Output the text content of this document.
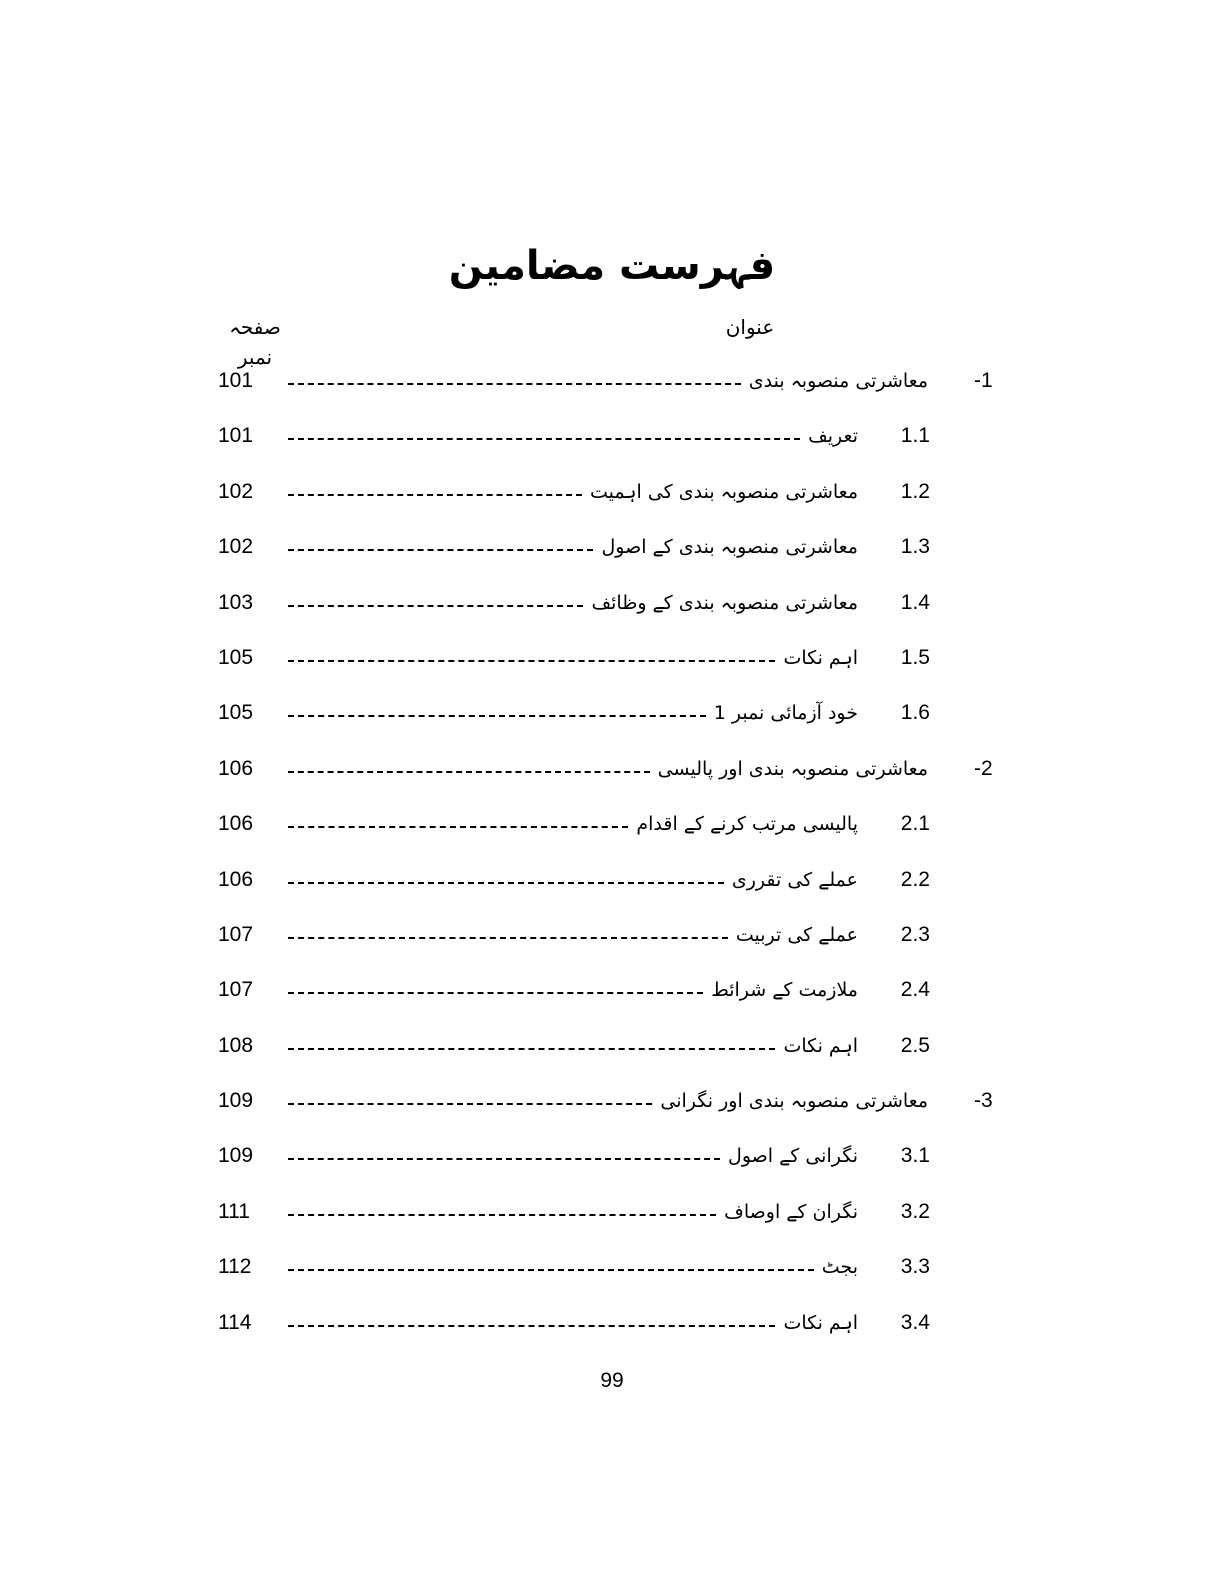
فہرست مضامین
عنوان
صفحہ نمبر
101	معاشرتی منصوبہ بندی -1
101	تعریف	1.1
102	معاشرتی منصوبہ بندی کی اہمیت	1.2
102	معاشرتی منصوبہ بندی کے اصول	1.3
103	معاشرتی منصوبہ بندی کے وظائف	1.4
105	اہم نکات	1.5
105	خود آزمائی نمبر 1	1.6
106	معاشرتی منصوبہ بندی اور پالیسی -2
106	پالیسی مرتب کرنے کے اقدام	2.1
106	عملے کی تقرری	2.2
107	عملے کی تربیت	2.3
107	ملازمت کے شرائط	2.4
108	اہم نکات	2.5
109	معاشرتی منصوبہ بندی اور نگرانی -3
109	نگرانی کے اصول	3.1
111	نگران کے اوصاف	3.2
112	بجٹ	3.3
114	اہم نکات	3.4
99
